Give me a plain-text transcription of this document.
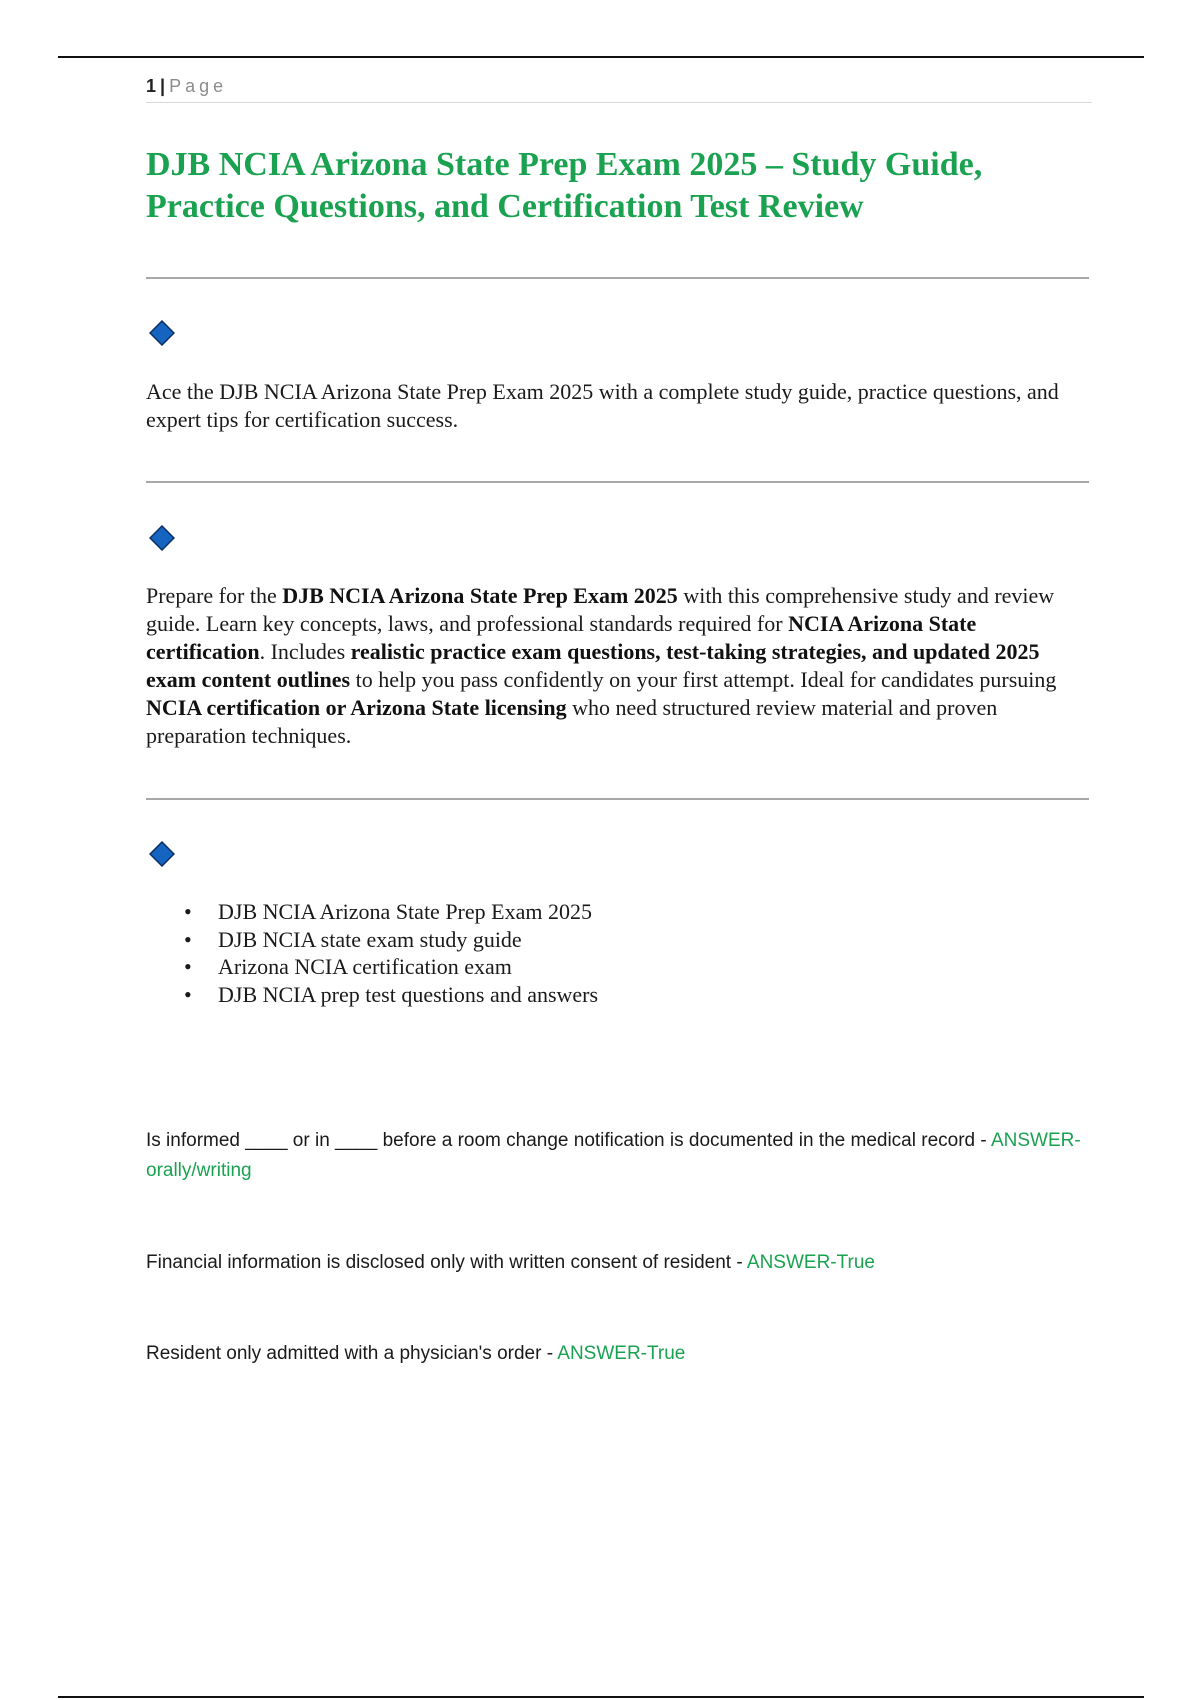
1 | Page
DJB NCIA Arizona State Prep Exam 2025 – Study Guide, Practice Questions, and Certification Test Review

Ace the DJB NCIA Arizona State Prep Exam 2025 with a complete study guide, practice questions, and expert tips for certification success.

Prepare for the DJB NCIA Arizona State Prep Exam 2025 with this comprehensive study and review guide. Learn key concepts, laws, and professional standards required for NCIA Arizona State certification. Includes realistic practice exam questions, test-taking strategies, and updated 2025 exam content outlines to help you pass confidently on your first attempt. Ideal for candidates pursuing NCIA certification or Arizona State licensing who need structured review material and proven preparation techniques.

• DJB NCIA Arizona State Prep Exam 2025
• DJB NCIA state exam study guide
• Arizona NCIA certification exam
• DJB NCIA prep test questions and answers

Is informed ____ or in ____ before a room change notification is documented in the medical record - ANSWER-orally/writing

Financial information is disclosed only with written consent of resident - ANSWER-True

Resident only admitted with a physician's order - ANSWER-True
